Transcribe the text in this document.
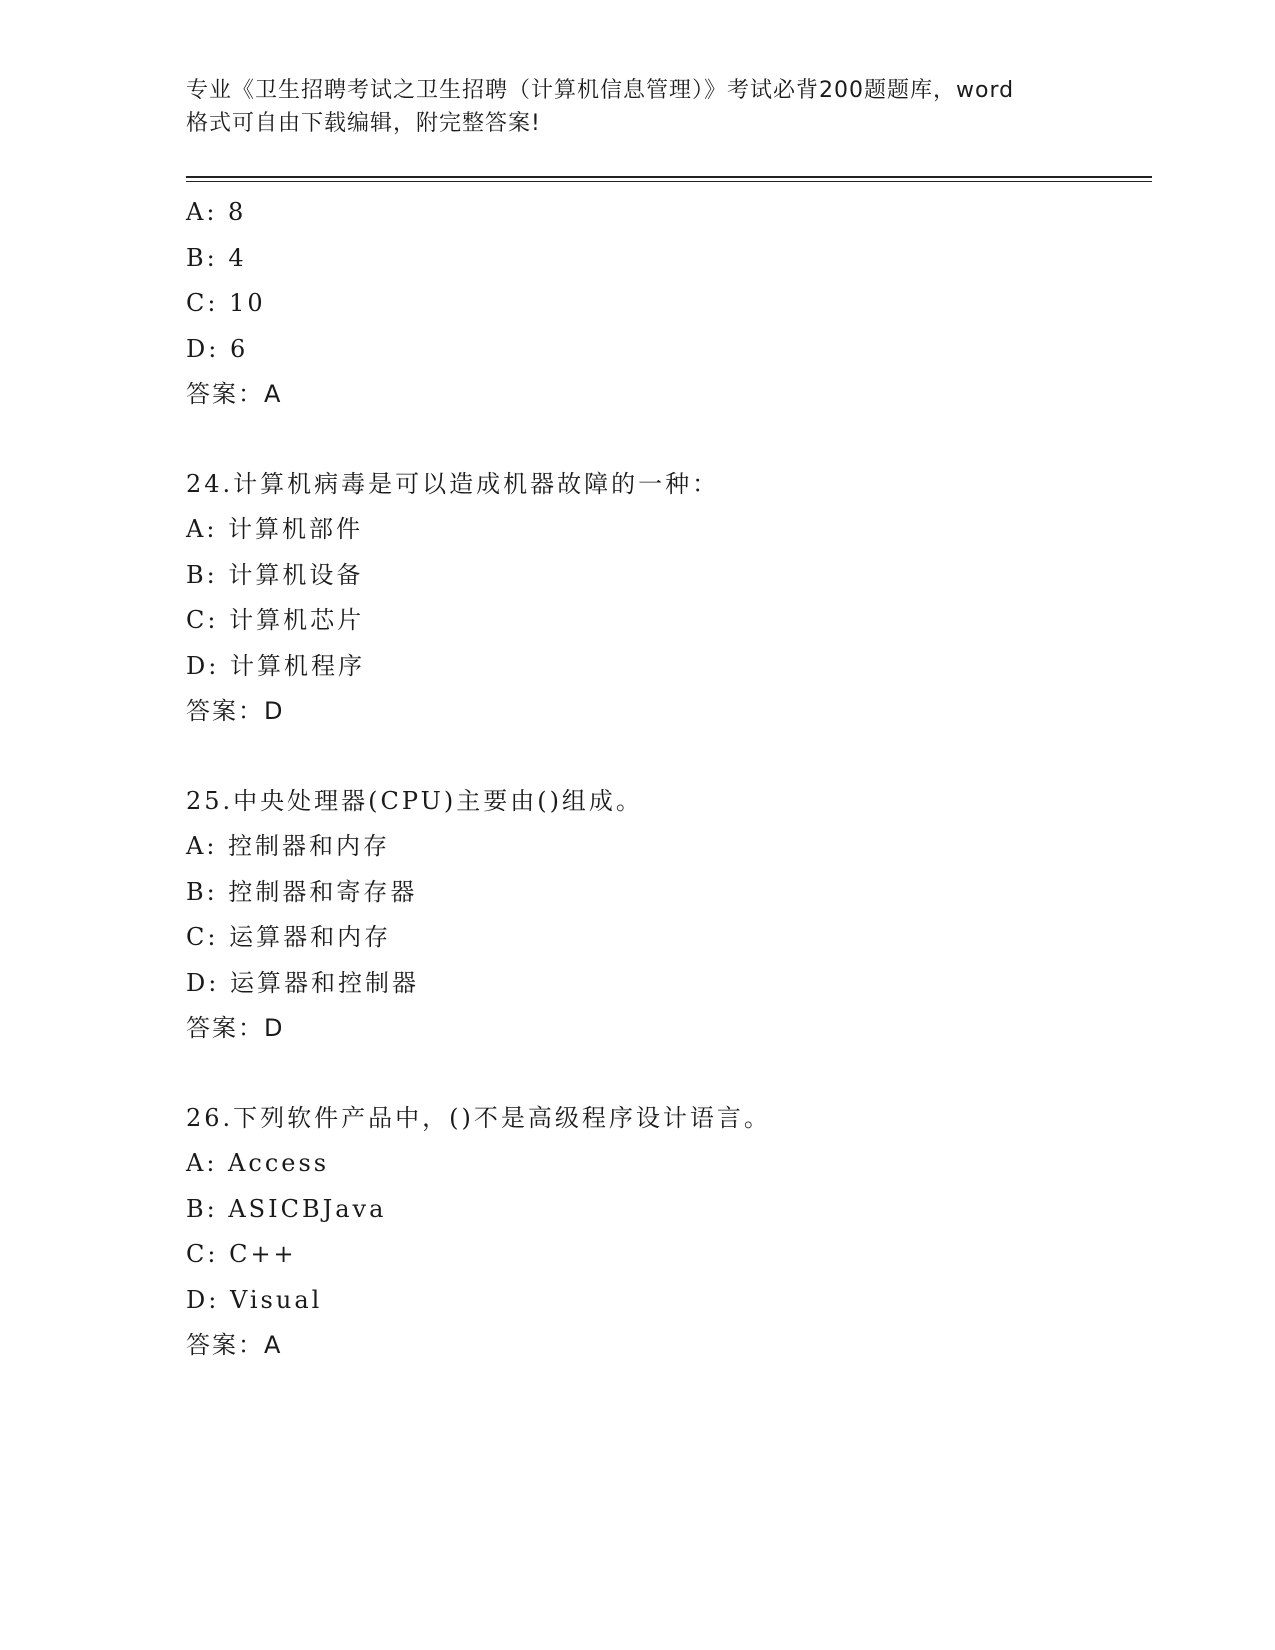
专业《卫生招聘考试之卫生招聘（计算机信息管理）》考试必背200题题库，word
格式可自由下载编辑，附完整答案!
A: 8
B: 4
C: 10
D: 6
答案：A
24.计算机病毒是可以造成机器故障的一种：
A: 计算机部件
B: 计算机设备
C: 计算机芯片
D: 计算机程序
答案：D
25.中央处理器(CPU)主要由()组成。
A: 控制器和内存
B: 控制器和寄存器
C: 运算器和内存
D: 运算器和控制器
答案：D
26.下列软件产品中，()不是高级程序设计语言。
A: Access
B: ASICBJava
C: C++
D: Visual
答案：A
